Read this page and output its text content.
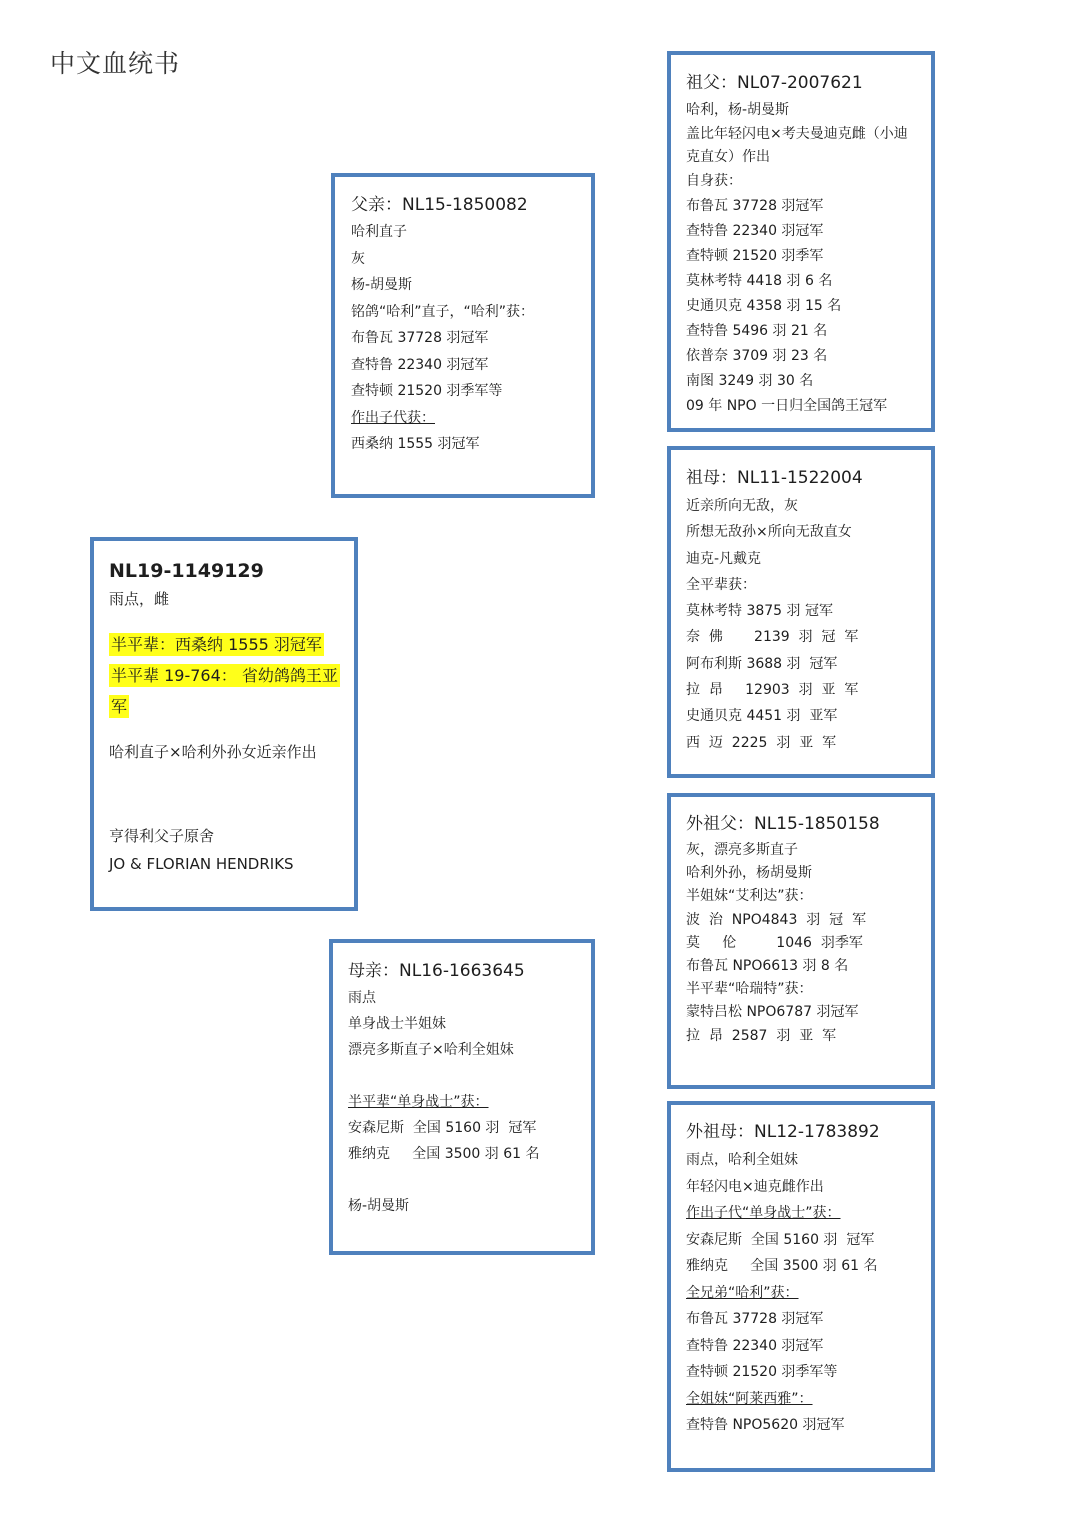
中文血统书
NL19-1149129
雨点，雌
半平辈：西桑纳 1555 羽冠军
半平辈 19-764： 省幼鸽鸽王亚军
哈利直子×哈利外孙女近亲作出
亨得利父子原舍
JO & FLORIAN HENDRIKS
父亲：NL15-1850082
哈利直子
灰
杨-胡曼斯
铭鸽“哈利”直子，“哈利”获：
布鲁瓦 37728 羽冠军
查特鲁 22340 羽冠军
查特顿 21520 羽季军等
作出子代获：
西桑纳 1555 羽冠军
母亲：NL16-1663645
雨点
单身战士半姐妹
漂亮多斯直子×哈利全姐妹
半平辈“单身战士”获：
安森尼斯  全国 5160 羽  冠军
雅纳克     全国 3500 羽 61 名
杨-胡曼斯
祖父：NL07-2007621
哈利，杨-胡曼斯
盖比年轻闪电×考夫曼迪克雌（小迪克直女）作出
自身获：
布鲁瓦 37728 羽冠军
查特鲁 22340 羽冠军
查特顿 21520 羽季军
莫林考特 4418 羽 6 名
史通贝克 4358 羽 15 名
查特鲁 5496 羽 21 名
依普奈 3709 羽 23 名
南图 3249 羽 30 名
09 年 NPO 一日归全国鸽王冠军
祖母：NL11-1522004
近亲所向无敌，灰
所想无敌孙×所向无敌直女
迪克-凡戴克
全平辈获：
莫林考特 3875 羽 冠军
奈  佛       2139  羽  冠  军
阿布利斯 3688 羽  冠军
拉  昂     12903  羽  亚  军
史通贝克 4451 羽  亚军
西  迈  2225  羽  亚  军
外祖父：NL15-1850158
灰，漂亮多斯直子
哈利外孙，杨胡曼斯
半姐妹“艾利达”获：
波  治  NPO4843  羽  冠  军
莫     伦         1046  羽季军
布鲁瓦 NPO6613 羽 8 名
半平辈“哈瑞特”获：
蒙特吕松 NPO6787 羽冠军
拉  昂  2587  羽  亚  军
外祖母：NL12-1783892
雨点，哈利全姐妹
年轻闪电×迪克雌作出
作出子代“单身战士”获：
安森尼斯  全国 5160 羽  冠军
雅纳克     全国 3500 羽 61 名
全兄弟“哈利”获：
布鲁瓦 37728 羽冠军
查特鲁 22340 羽冠军
查特顿 21520 羽季军等
全姐妹“阿莱西雅”：
查特鲁 NPO5620 羽冠军
